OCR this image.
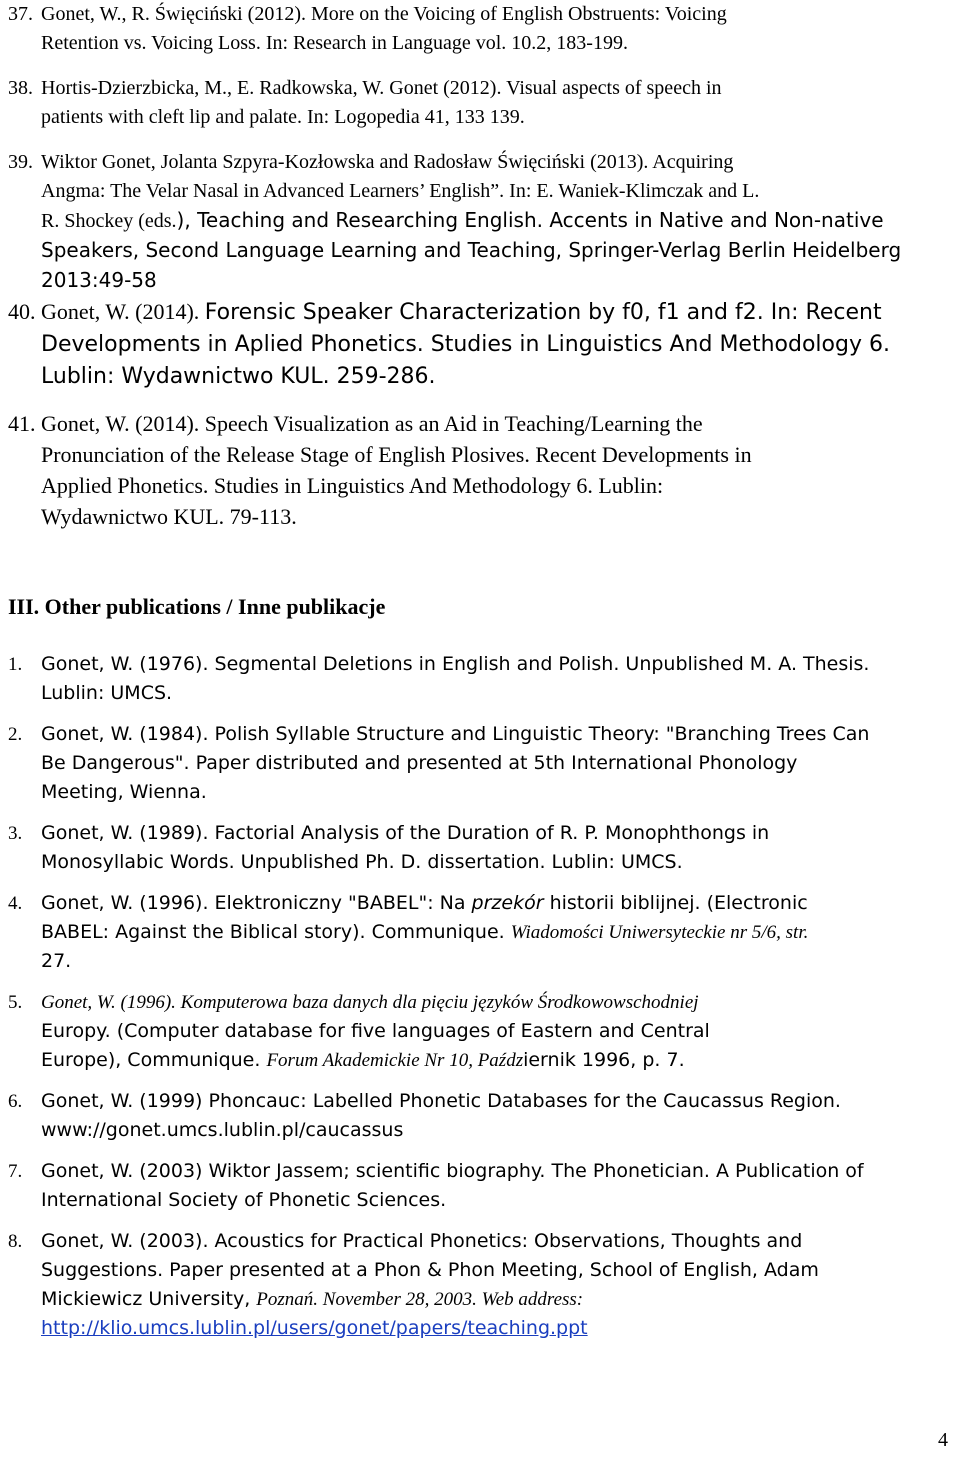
37. Gonet, W., R. Święciński (2012). More on the Voicing of English Obstruents: Voicing
Retention vs. Voicing Loss. In: Research in Language vol. 10.2, 183-199.
38. Hortis-Dzierzbicka, M., E. Radkowska, W. Gonet (2012). Visual aspects of speech in
patients with cleft lip and palate. In: Logopedia 41, 133 139.
39. Wiktor Gonet, Jolanta Szpyra-Kozłowska and Radosław Święciński (2013). Acquiring
Angma: The Velar Nasal in Advanced Learners’ English”. In: E. Waniek-Klimczak and L.
R. Shockey (eds.), Teaching and Researching English. Accents in Native and Non-native
Speakers, Second Language Learning and Teaching, Springer-Verlag Berlin Heidelberg
2013:49-58
40. Gonet, W. (2014). Forensic Speaker Characterization by f0, f1 and f2. In: Recent
Developments in Aplied Phonetics. Studies in Linguistics And Methodology 6.
Lublin: Wydawnictwo KUL. 259-286.
41. Gonet, W. (2014). Speech Visualization as an Aid in Teaching/Learning the
Pronunciation of the Release Stage of English Plosives. Recent Developments in
Applied Phonetics. Studies in Linguistics And Methodology 6. Lublin:
Wydawnictwo KUL. 79-113.
III. Other publications / Inne publikacje
1. Gonet, W. (1976). Segmental Deletions in English and Polish. Unpublished M. A. Thesis.
Lublin: UMCS.
2. Gonet, W. (1984). Polish Syllable Structure and Linguistic Theory: "Branching Trees Can
Be Dangerous". Paper distributed and presented at 5th International Phonology
Meeting, Wienna.
3. Gonet, W. (1989). Factorial Analysis of the Duration of R. P. Monophthongs in
Monosyllabic Words. Unpublished Ph. D. dissertation. Lublin: UMCS.
4. Gonet, W. (1996). Elektroniczny "BABEL": Na przekór historii biblijnej. (Electronic
BABEL: Against the Biblical story). Communique. Wiadomości Uniwersyteckie nr 5/6, str.
27.
5. Gonet, W. (1996). Komputerowa baza danych dla pięciu języków Środkowowschodniej
Europy. (Computer database for five languages of Eastern and Central
Europe), Communique. Forum Akademickie Nr 10, Październik 1996, p. 7.
6. Gonet, W. (1999) Phoncauc: Labelled Phonetic Databases for the Caucassus Region.
www://gonet.umcs.lublin.pl/caucassus
7. Gonet, W. (2003) Wiktor Jassem; scientific biography. The Phonetician. A Publication of
International Society of Phonetic Sciences.
8. Gonet, W. (2003). Acoustics for Practical Phonetics: Observations, Thoughts and
Suggestions. Paper presented at a Phon & Phon Meeting, School of English, Adam
Mickiewicz University, Poznań. November 28, 2003. Web address:
http://klio.umcs.lublin.pl/users/gonet/papers/teaching.ppt
4
